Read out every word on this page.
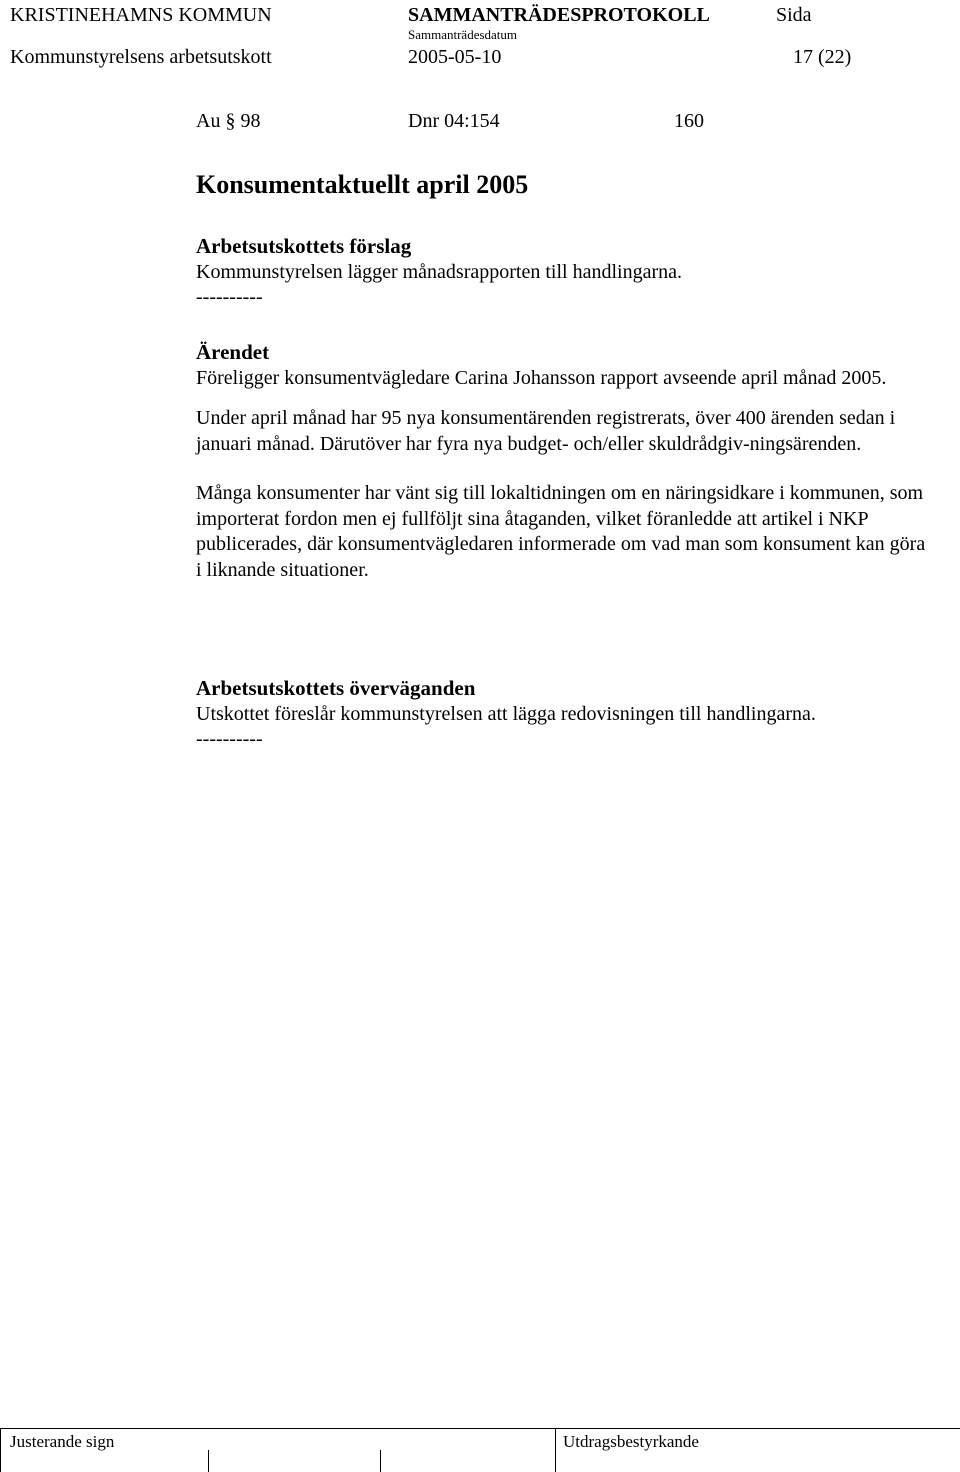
KRISTINEHAMNS KOMMUN	SAMMANTRÄDESPROTOKOLL	Sida
Sammanträdesdatum
Kommunstyrelsens arbetsutskott	2005-05-10	17 (22)
Au § 98	Dnr 04:154	160
Konsumentaktuellt april 2005
Arbetsutskottets förslag
Kommunstyrelsen lägger månadsrapporten till handlingarna.
----------
Ärendet

Föreligger konsumentvägledare Carina Johansson rapport avseende april månad 2005.

Under april månad har 95 nya konsumentärenden registrerats, över 400 ärenden sedan i januari månad. Därutöver har fyra nya budget- och/eller skuldrådgiv-ningsärenden.

Många konsumenter har vänt sig till lokaltidningen om en näringsidkare i kommunen, som importerat fordon men ej fullföljt sina åtaganden, vilket föranledde att artikel i NKP publicerades, där konsumentvägledaren informerade om vad man som konsument kan göra i liknande situationer.

Arbetsutskottets överväganden
Utskottet föreslår kommunstyrelsen att lägga redovisningen till handlingarna.
----------
Justerande sign	Utdragsbestyrkande
